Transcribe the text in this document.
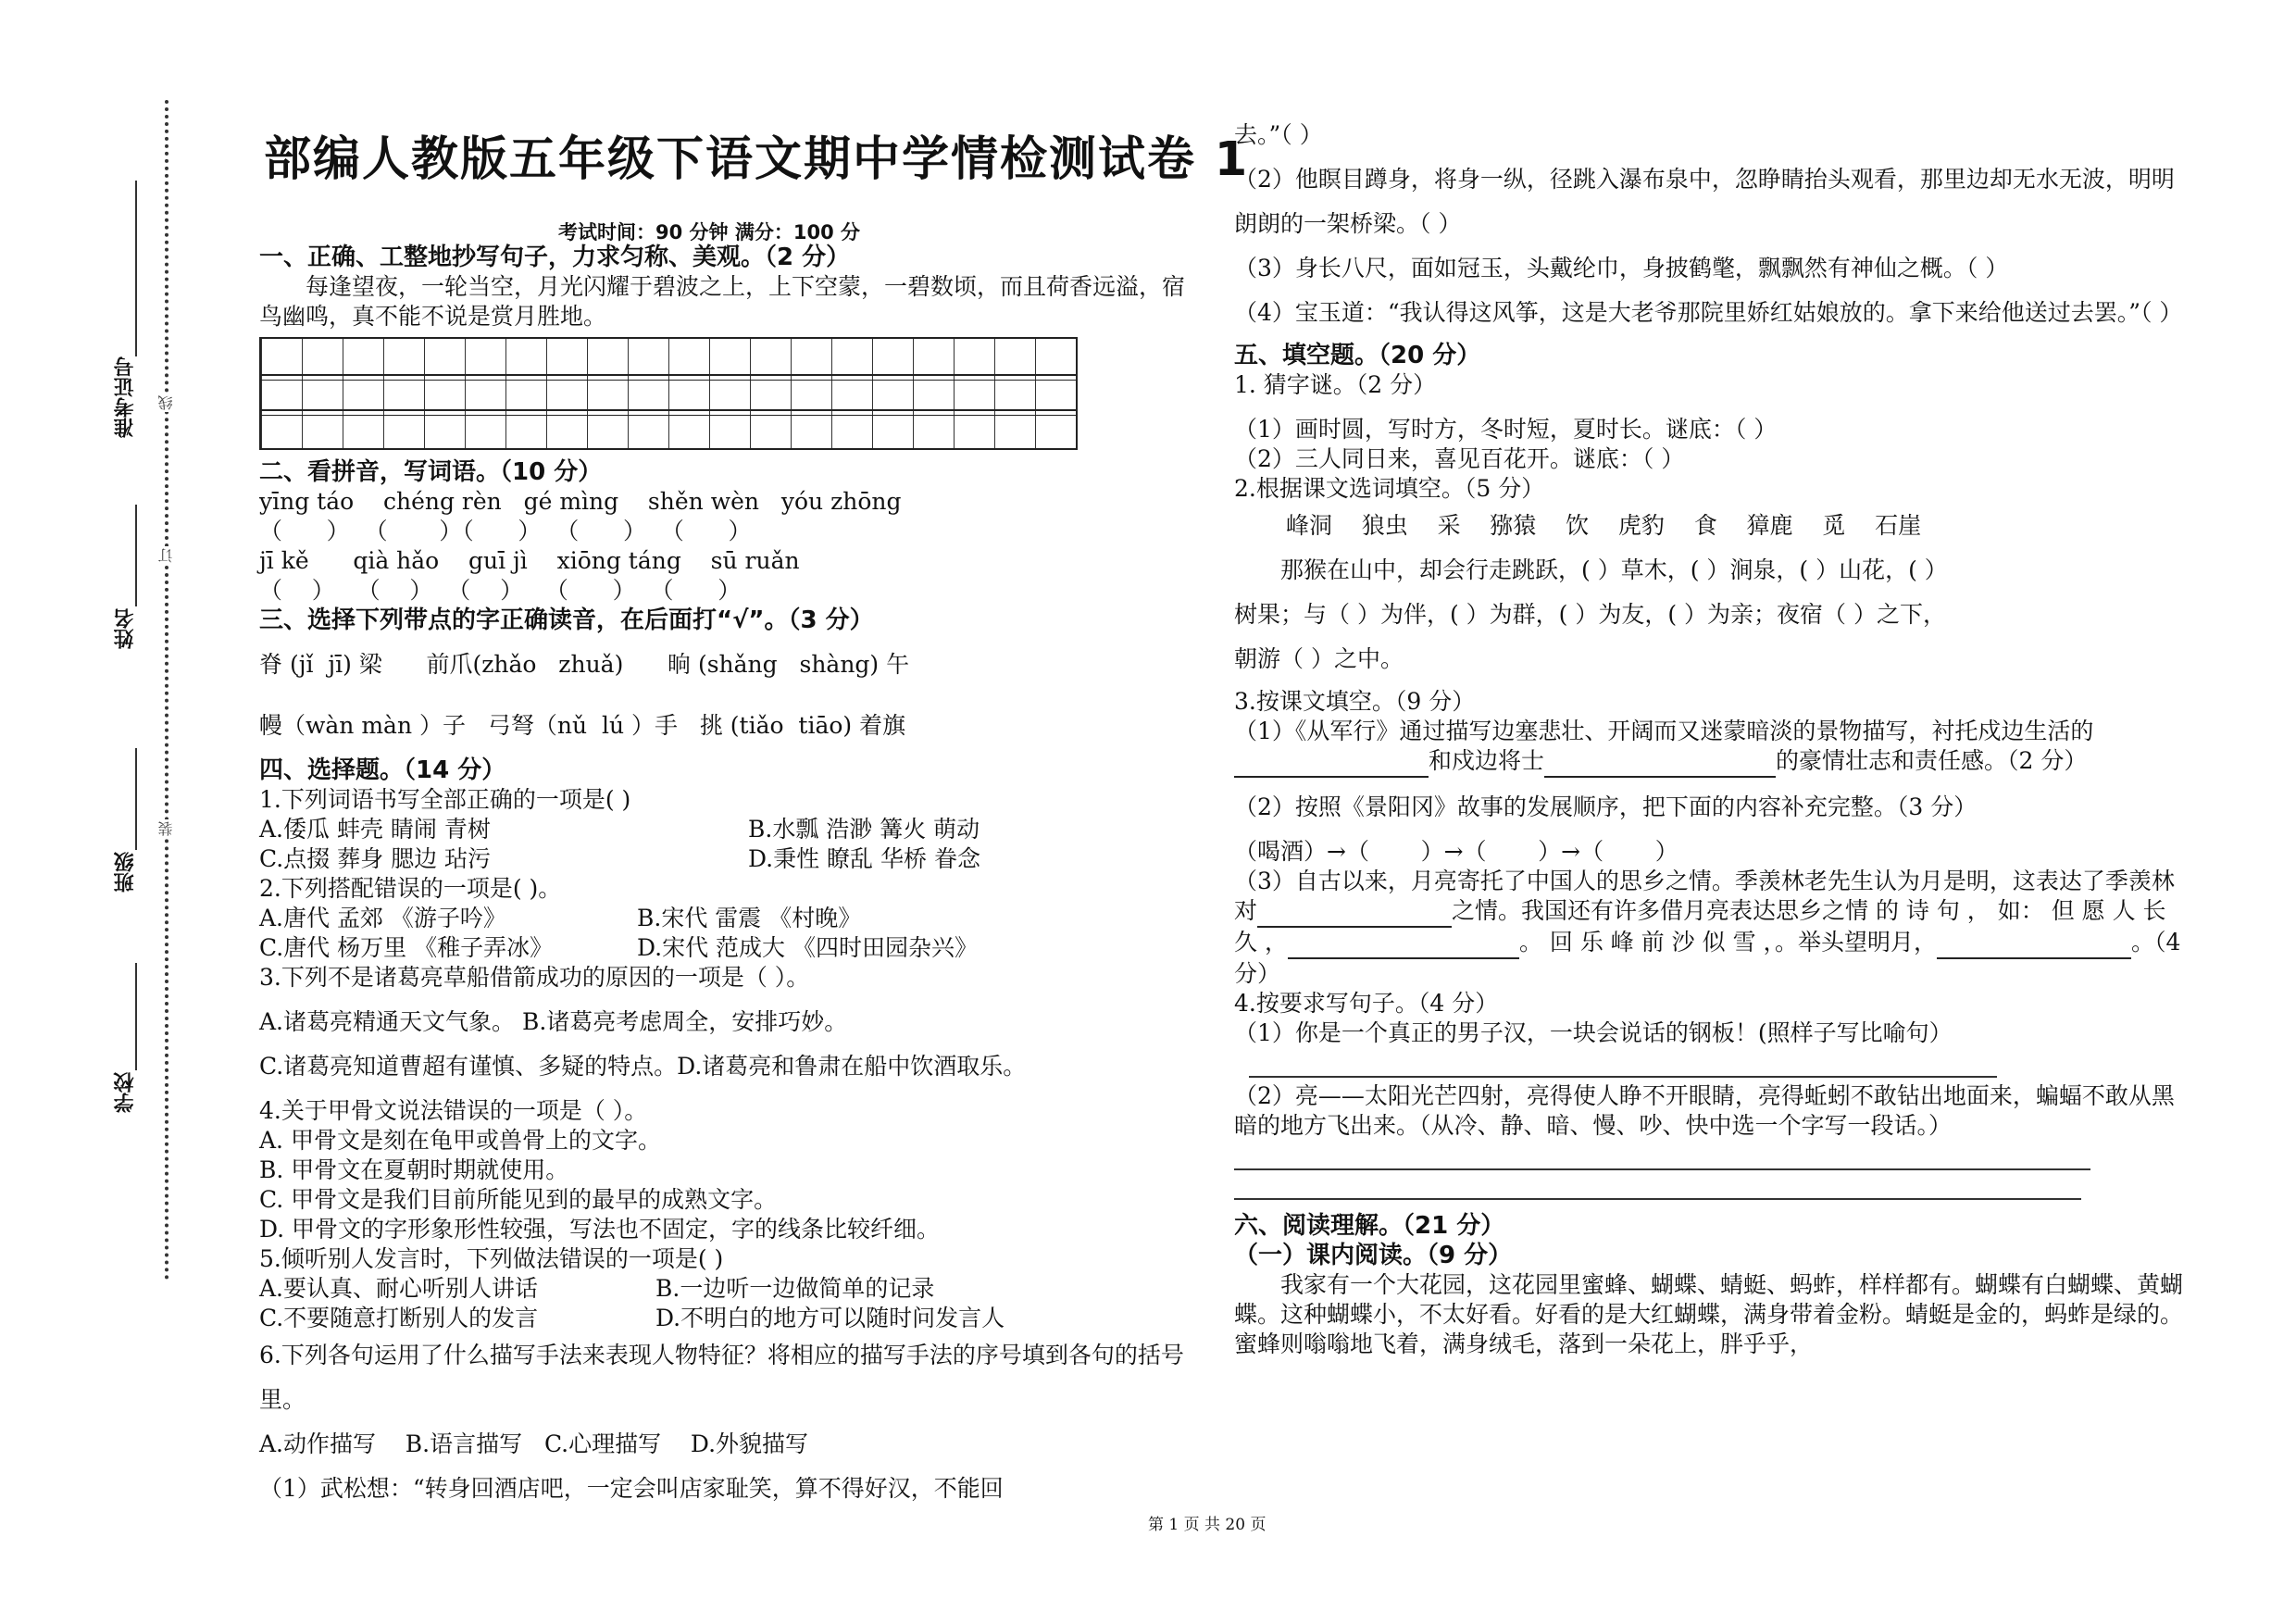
准考证号
姓名
班级
学校
线
订
装
部编人教版五年级下语文期中学情检测试卷 1
考试时间：90 分钟 满分：100 分

一、正确、工整地抄写句子，力求匀称、美观。（2 分）

每逢望夜，一轮当空，月光闪耀于碧波之上，上下空蒙，一碧数顷，而且荷香远溢，宿鸟幽鸣，真不能不说是赏月胜地。

二、看拼音，写词语。（10 分）

yīng táo    chéng rèn   gé mìng    shěn wèn   yóu zhōng

（      ）  （       ）（      ）  （      ）  （      ）

jī kě      qià hǎo    guī jì    xiōng táng    sū ruǎn

（    ）   （    ）  （    ）   （      ）  （      ）

三、选择下列带点的字正确读音，在后面打“√”。（3 分）

脊 (jǐ  jī) 梁      前爪(zhǎo   zhuǎ)      晌 (shǎng   shàng) 午

幔（wàn màn ）子   弓弩（nǔ  lú ）手   挑 (tiǎo  tiāo) 着旗

四、选择题。（14 分）

1.下列词语书写全部正确的一项是( )

A.倭瓜 蚌壳 睛闹 青树	B.水瓢 浩渺 篝火 萌动

C.点掇 葬身 腮边 玷污	D.秉性 瞭乱 华桥 眷念

2.下列搭配错误的一项是( )。

A.唐代 孟郊 《游子吟》	B.宋代 雷震 《村晚》

C.唐代 杨万里 《稚子弄冰》	D.宋代 范成大 《四时田园杂兴》

3.下列不是诸葛亮草船借箭成功的原因的一项是（ ）。

A.诸葛亮精通天文气象。 B.诸葛亮考虑周全，安排巧妙。

C.诸葛亮知道曹超有谨慎、多疑的特点。D.诸葛亮和鲁肃在船中饮酒取乐。

4.关于甲骨文说法错误的一项是（ ）。

A. 甲骨文是刻在龟甲或兽骨上的文字。

B. 甲骨文在夏朝时期就使用。

C. 甲骨文是我们目前所能见到的最早的成熟文字。

D. 甲骨文的字形象形性较强，写法也不固定，字的线条比较纤细。

5.倾听别人发言时，下列做法错误的一项是( )

A.要认真、耐心听别人讲话	B.一边听一边做简单的记录

C.不要随意打断别人的发言	D.不明白的地方可以随时问发言人

6.下列各句运用了什么描写手法来表现人物特征？将相应的描写手法的序号填到各句的括号里。

A.动作描写    B.语言描写   C.心理描写    D.外貌描写

（1）武松想：“转身回酒店吧，一定会叫店家耻笑，算不得好汉，不能回

去。”（ ）

（2）他瞑目蹲身，将身一纵，径跳入瀑布泉中，忽睁睛抬头观看，那里边却无水无波，明明朗朗的一架桥梁。（ ）

（3）身长八尺，面如冠玉，头戴纶巾，身披鹤氅，飘飘然有神仙之概。（ ）

（4）宝玉道：“我认得这风筝，这是大老爷那院里娇红姑娘放的。拿下来给他送过去罢。”（ ）

五、填空题。（20 分）

1. 猜字谜。（2 分）

（1）画时圆，写时方，冬时短，夏时长。谜底：（ ）

（2）三人同日来，喜见百花开。谜底：（ ）

2.根据课文选词填空。（5 分）

峰洞    狼虫    采    猕猿    饮    虎豹    食    獐鹿    觅    石崖

那猴在山中，却会行走跳跃，( ）草木，( ）涧泉，( ）山花，( ）

树果；与（ ）为伴，( ）为群，( ）为友，( ）为亲；夜宿（ ）之下，

朝游（ ）之中。

3.按课文填空。（9 分）

（1）《从军行》通过描写边塞悲壮、开阔而又迷蒙暗淡的景物描写，衬托戍边生活的 和戍边将士	的豪情壮志和责任感。（2 分）

（2）按照《景阳冈》故事的发展顺序，把下面的内容补充完整。（3 分）

（喝酒）→（       ）→（       ）→（       ）

（3）自古以来，月亮寄托了中国人的思乡之情。季羡林老先生认为月是明，这表达了季羡林对	之情。我国还有许多借月亮表达思乡之情 的 诗 句 ， 如： 但 愿 人 长 久 ，	。 回 乐 峰 前 沙 似 雪 ，。举头望明月，	。（4 分）

4.按要求写句子。（4 分）

（1）你是一个真正的男子汉，一块会说话的钢板！(照样子写比喻句）

（2）亮——太阳光芒四射，亮得使人睁不开眼睛，亮得蚯蚓不敢钻出地面来，蝙蝠不敢从黑暗的地方飞出来。（从冷、静、暗、慢、吵、快中选一个字写一段话。）

六、阅读理解。（21 分）

（一）课内阅读。（9 分）

我家有一个大花园，这花园里蜜蜂、蝴蝶、蜻蜓、蚂蚱，样样都有。蝴蝶有白蝴蝶、黄蝴蝶。这种蝴蝶小，不太好看。好看的是大红蝴蝶，满身带着金粉。蜻蜓是金的，蚂蚱是绿的。蜜蜂则嗡嗡地飞着，满身绒毛，落到一朵花上，胖乎乎，

第 1 页 共 20 页
